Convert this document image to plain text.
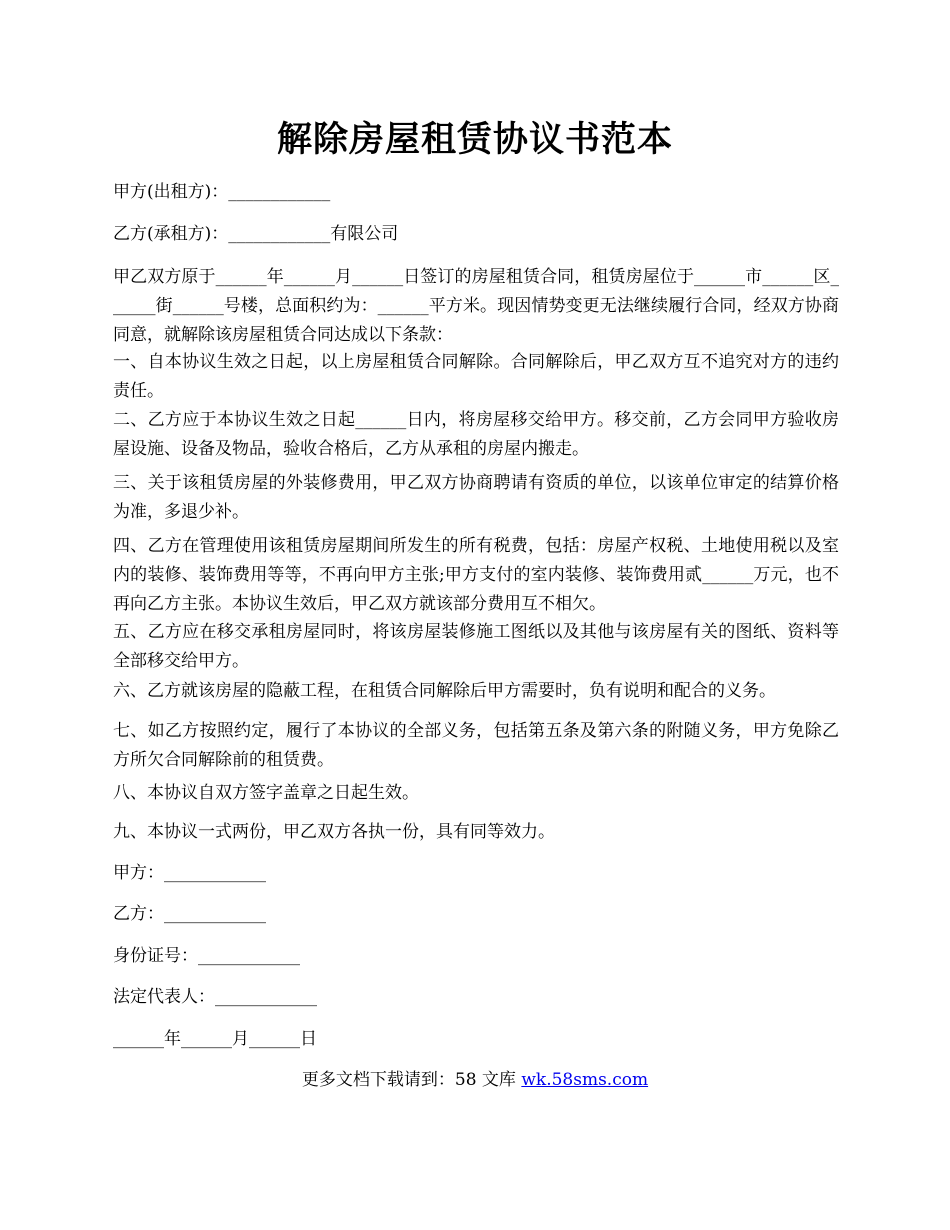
解除房屋租赁协议书范本

甲方(出租方)：____________

乙方(承租方)：____________有限公司

甲乙双方原于______年______月______日签订的房屋租赁合同，租赁房屋位于______市______区______街______号楼，总面积约为：______平方米。现因情势变更无法继续履行合同，经双方协商同意，就解除该房屋租赁合同达成以下条款：

一、自本协议生效之日起，以上房屋租赁合同解除。合同解除后，甲乙双方互不追究对方的违约责任。

二、乙方应于本协议生效之日起______日内，将房屋移交给甲方。移交前，乙方会同甲方验收房屋设施、设备及物品，验收合格后，乙方从承租的房屋内搬走。

三、关于该租赁房屋的外装修费用，甲乙双方协商聘请有资质的单位，以该单位审定的结算价格为准，多退少补。

四、乙方在管理使用该租赁房屋期间所发生的所有税费，包括：房屋产权税、土地使用税以及室内的装修、装饰费用等等，不再向甲方主张;甲方支付的室内装修、装饰费用贰______万元，也不再向乙方主张。本协议生效后，甲乙双方就该部分费用互不相欠。

五、乙方应在移交承租房屋同时，将该房屋装修施工图纸以及其他与该房屋有关的图纸、资料等全部移交给甲方。

六、乙方就该房屋的隐蔽工程，在租赁合同解除后甲方需要时，负有说明和配合的义务。

七、如乙方按照约定，履行了本协议的全部义务，包括第五条及第六条的附随义务，甲方免除乙方所欠合同解除前的租赁费。

八、本协议自双方签字盖章之日起生效。

九、本协议一式两份，甲乙双方各执一份，具有同等效力。

甲方：____________

乙方：____________

身份证号：____________

法定代表人：____________

______年______月______日

更多文档下载请到：58 文库 wk.58sms.com
